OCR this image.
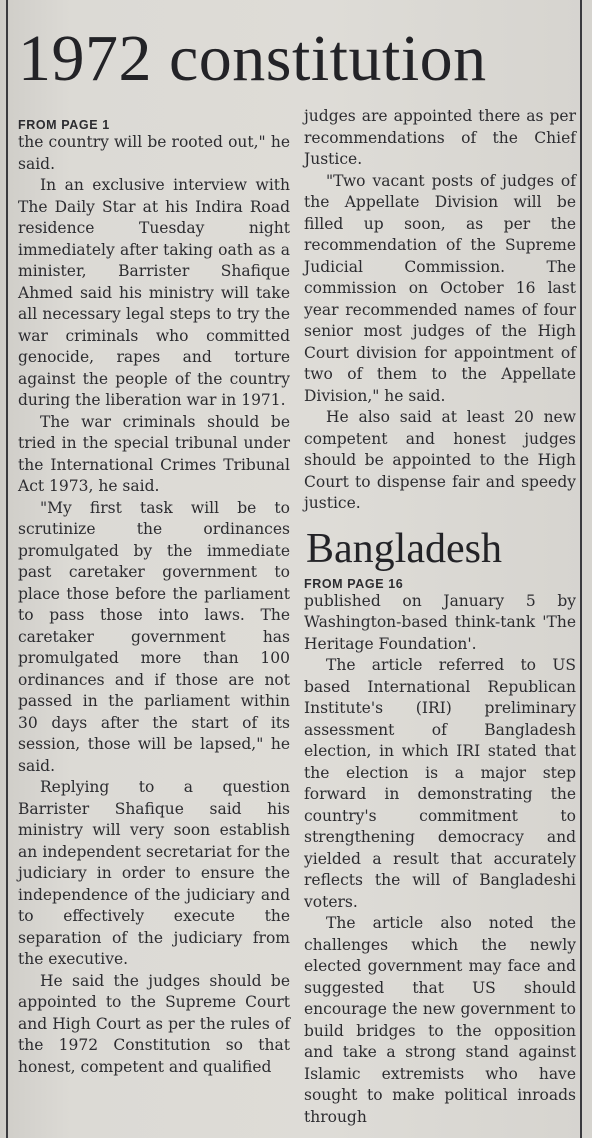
1972 constitution
FROM PAGE 1

the country will be rooted out," he said.

In an exclusive interview with The Daily Star at his Indira Road residence Tuesday night immediately after taking oath as a minister, Barrister Shafique Ahmed said his ministry will take all necessary legal steps to try the war criminals who committed genocide, rapes and torture against the people of the country during the liberation war in 1971.

The war criminals should be tried in the special tribunal under the International Crimes Tribunal Act 1973, he said.

"My first task will be to scrutinize the ordinances promulgated by the immediate past caretaker government to place those before the parliament to pass those into laws. The caretaker government has promulgated more than 100 ordinances and if those are not passed in the parliament within 30 days after the start of its session, those will be lapsed," he said.

Replying to a question Barrister Shafique said his ministry will very soon establish an independent secretariat for the judiciary in order to ensure the independence of the judiciary and to effectively execute the separation of the judiciary from the executive.

He said the judges should be appointed to the Supreme Court and High Court as per the rules of the 1972 Constitution so that honest, competent and qualified

judges are appointed there as per recommendations of the Chief Justice.

"Two vacant posts of judges of the Appellate Division will be filled up soon, as per the recommendation of the Supreme Judicial Commission. The commission on October 16 last year recommended names of four senior most judges of the High Court division for appointment of two of them to the Appellate Division," he said.

He also said at least 20 new competent and honest judges should be appointed to the High Court to dispense fair and speedy justice.

Bangladesh
FROM PAGE 16

published on January 5 by Washington-based think-tank 'The Heritage Foundation'.

The article referred to US based International Republican Institute's (IRI) preliminary assessment of Bangladesh election, in which IRI stated that the election is a major step forward in demonstrating the country's commitment to strengthening democracy and yielded a result that accurately reflects the will of Bangladeshi voters.

The article also noted the challenges which the newly elected government may face and suggested that US should encourage the new government to build bridges to the opposition and take a strong stand against Islamic extremists who have sought to make political inroads through
